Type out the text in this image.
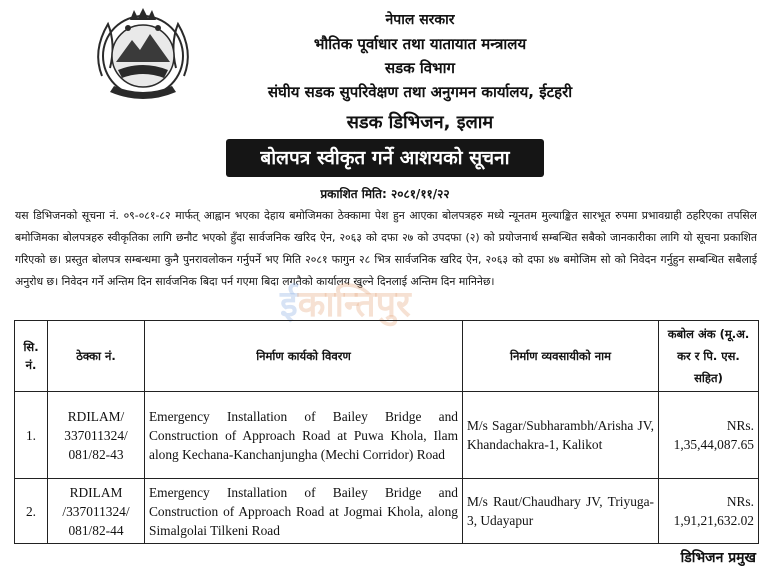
नेपाल सरकार
भौतिक पूर्वाधार तथा यातायात मन्त्रालय
सडक विभाग
संघीय सडक सुपरिवेक्षण तथा अनुगमन कार्यालय, ईटहरी
सडक डिभिजन, इलाम
बोलपत्र स्वीकृत गर्ने आशयको सूचना
प्रकाशित मिति: २०८१/११/२२
यस डिभिजनको सूचना नं. ०९-०८१-८२ मार्फत् आह्वान भएका देहाय बमोजिमका ठेक्कामा पेश हुन आएका बोलपत्रहरु मध्ये न्यूनतम मुल्याङ्कित सारभूत रुपमा प्रभावग्राही ठहरिएका तपसिल बमोजिमका बोलपत्रहरु स्वीकृतिका लागि छनौट भएको हुँदा सार्वजनिक खरिद ऐन, २०६३ को दफा २७ को उपदफा (२) को प्रयोजनार्थ सम्बन्धित सबैको जानकारीका लागि यो सूचना प्रकाशित गरिएको छ। प्रस्तुत बोलपत्र सम्बन्धमा कुनै पुनरावलोकन गर्नुपर्ने भए मिति २०८१ फागुन २८ भित्र सार्वजनिक खरिद ऐन, २०६३ को दफा ४७ बमोजिम सो को निवेदन गर्नुहुन सम्बन्धित सबैलाई अनुरोध छ। निवेदन गर्ने अन्तिम दिन सार्वजनिक बिदा पर्न गएमा बिदा लगतैको कार्यालय खुल्ने दिनलाई अन्तिम दिन मानिनेछ।
ईकान्तिपुर
सि. नं.	ठेक्का नं.	निर्माण कार्यको विवरण	निर्माण व्यवसायीको नाम	कबोल अंक (मू.अ. कर र पि. एस. सहित)
1.	RDILAM/ 337011324/ 081/82-43	Emergency Installation of Bailey Bridge and Construction of Approach Road at Puwa Khola, Ilam along Kechana-Kanchanjungha (Mechi Corridor) Road	M/s Sagar/Subharambh/Arisha JV, Khandachakra-1, Kalikot	NRs. 1,35,44,087.65
2.	RDILAM /337011324/ 081/82-44	Emergency Installation of Bailey Bridge and Construction of Approach Road at Jogmai Khola, along Simalgolai Tilkeni Road	M/s Raut/Chaudhary JV, Triyuga-3, Udayapur	NRs. 1,91,21,632.02
डिभिजन प्रमुख
